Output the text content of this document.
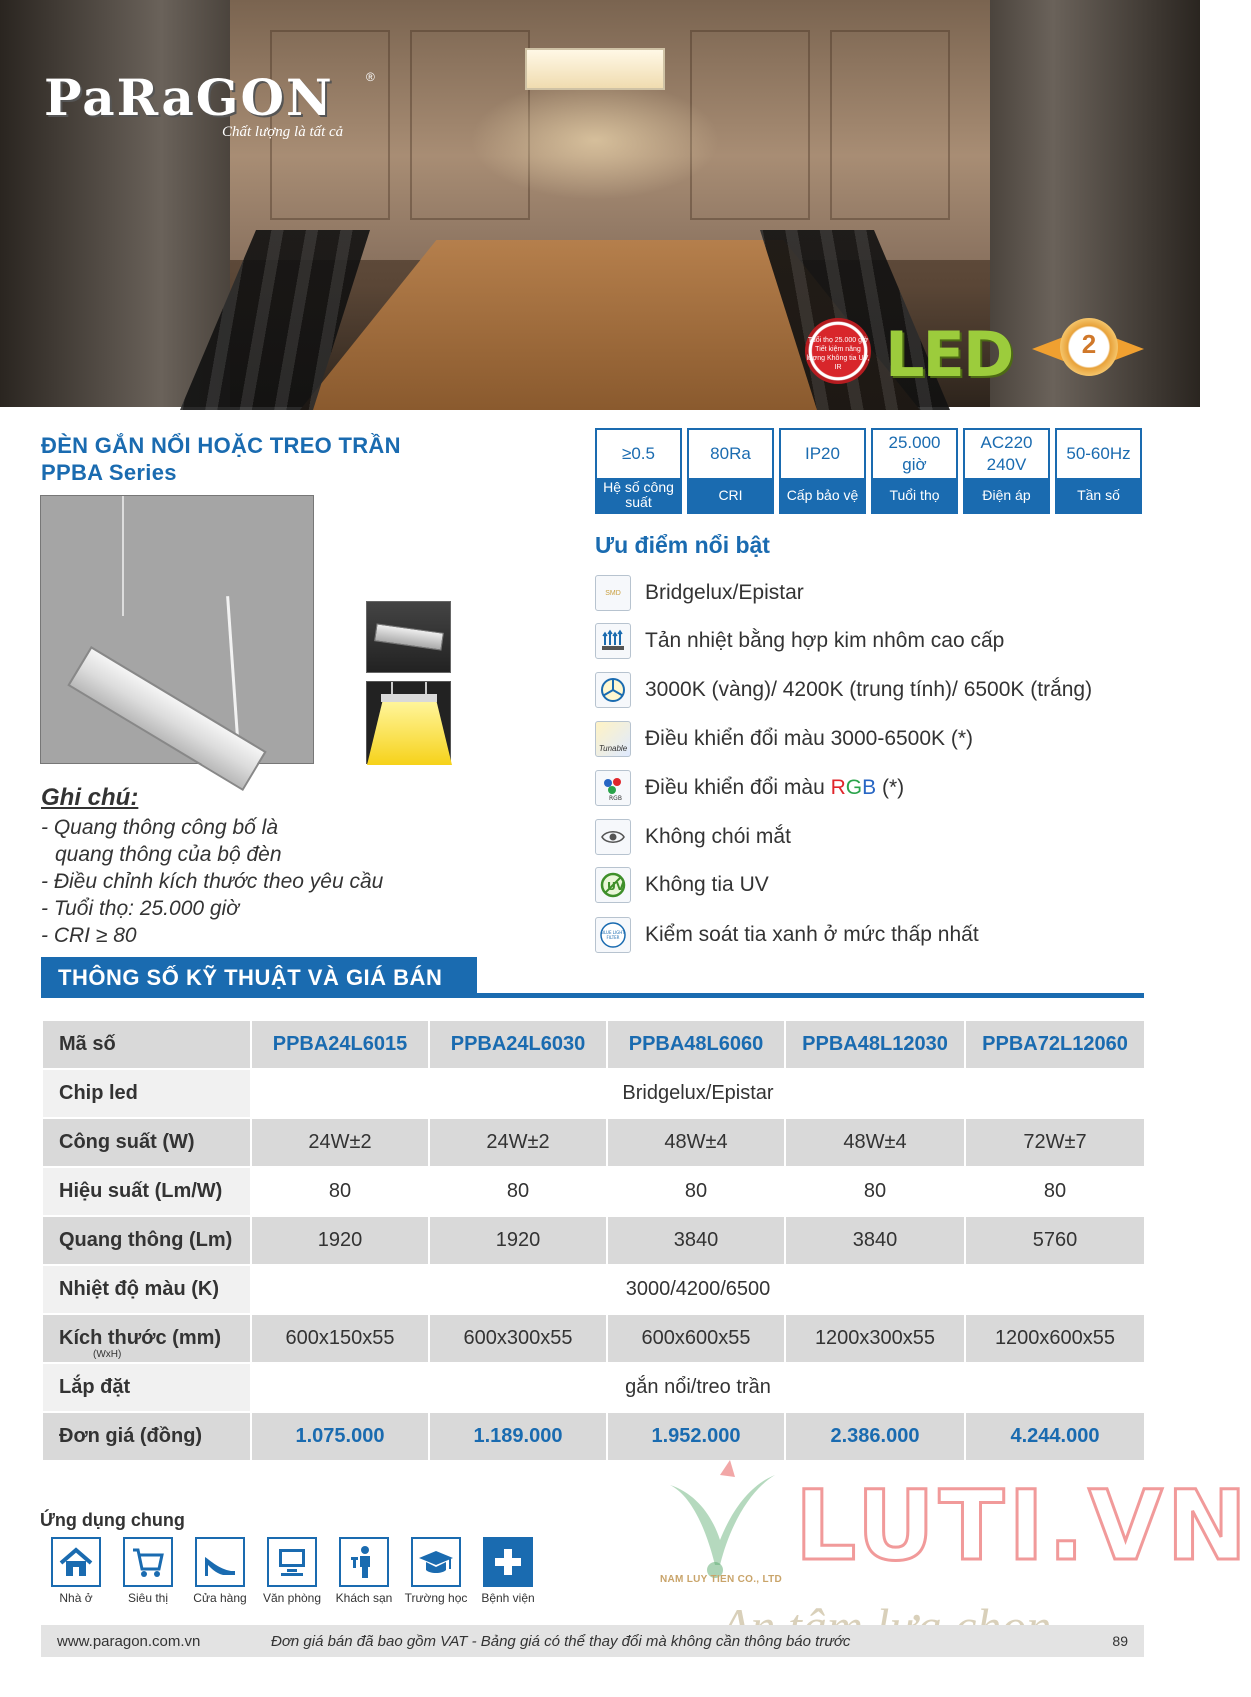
PaRaGON	®
Chất lượng là tất cả
Tuổi thọ 25.000 giờ Tiết kiệm năng lượng Không tia UV, IR LED	2
ĐÈN GẮN NỔI HOẶC TREO TRẦN
PPBA Series
≥0.5
Hệ số công suất
80Ra
CRI
IP20
Cấp bảo vệ
25.000 giờ
Tuổi thọ
AC220 240V
Điện áp
50-60Hz
Tần số
Ghi chú:
- Quang thông công bố là
quang thông của bộ đèn
- Điều chỉnh kích thước theo yêu cầu
- Tuổi thọ: 25.000 giờ
- CRI ≥ 80
Ưu điểm nổi bật
SMD Bridgelux/Epistar
Tản nhiệt bằng hợp kim nhôm cao cấp
3000K (vàng)/ 4200K (trung tính)/ 6500K (trắng)
Tunable Điều khiển đổi màu 3000-6500K (*)
RGB Điều khiển đổi màu RGB (*)
Không chói mắt
UV Không tia UV
BLUE LIGHT
FILTER Kiểm soát tia xanh ở mức thấp nhất
THÔNG SỐ KỸ THUẬT VÀ GIÁ BÁN
Mã số	PPBA24L6015	PPBA24L6030	PPBA48L6060	PPBA48L12030	PPBA72L12060
Chip led	Bridgelux/Epistar				
Công suất (W)	24W±2	24W±2	48W±4	48W±4	72W±7
Hiệu suất (Lm/W)	80	80	80	80	80
Quang thông (Lm)	1920	1920	3840	3840	5760
Nhiệt độ màu (K)	3000/4200/6500				
Kích thước (mm)
(WxH)	600x150x55	600x300x55	600x600x55	1200x300x55	1200x600x55
Lắp đặt	gắn nổi/treo trần				
Đơn giá (đồng)	1.075.000	1.189.000	1.952.000	2.386.000	4.244.000
Ứng dụng chung
Nhà ở	Siêu thị	Cửa hàng	Văn phòng	Khách sạn	Trường học	Bệnh viện
NAM LUY TIEN CO., LTD LUTI.VN
www.paragon.com.vn	Đơn giá bán đã bao gồm VAT - Bảng giá có thể thay đổi mà không cần thông báo trước	89
